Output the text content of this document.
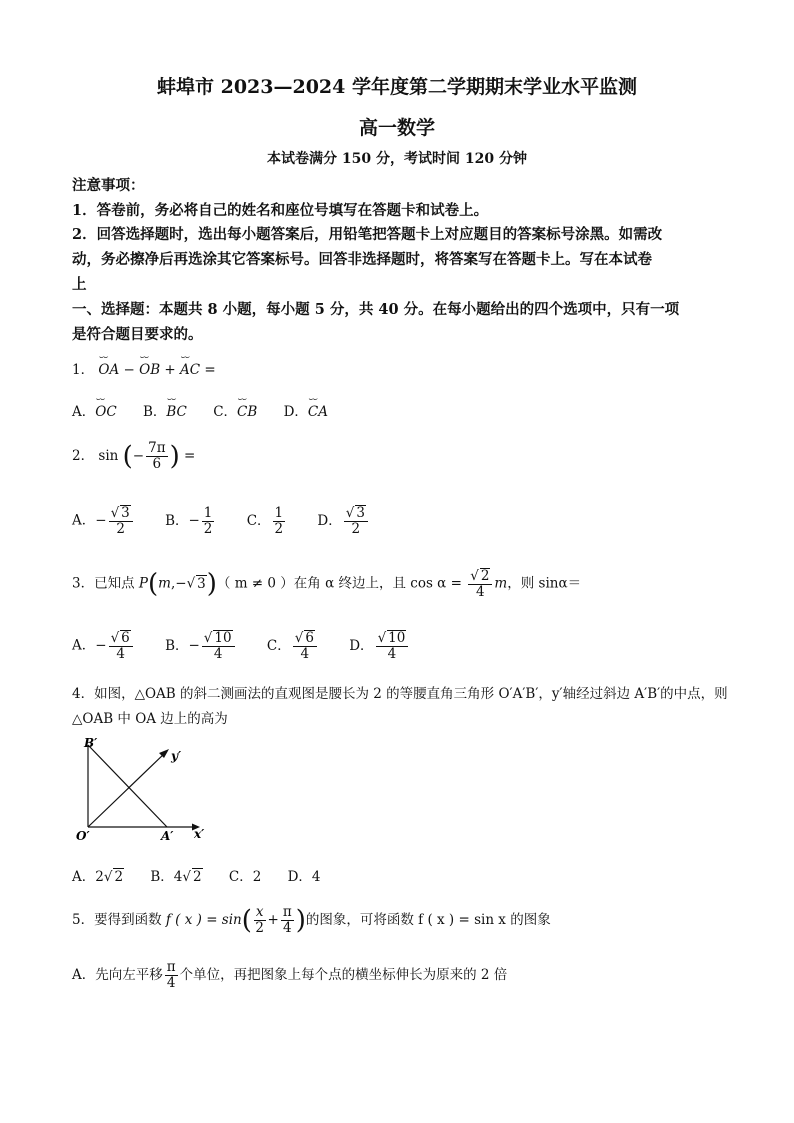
蚌埠市 2023—2024 学年度第二学期期末学业水平监测
高一数学
本试卷满分 150 分，考试时间 120 分钟
注意事项：
1．答卷前，务必将自己的姓名和座位号填写在答题卡和试卷上。
2．回答选择题时，选出每小题答案后，用铅笔把答题卡上对应题目的答案标号涂黑。如需改
动，务必擦净后再选涂其它答案标号。回答非选择题时，将答案写在答题卡上。写在本试卷
上
一、选择题：本题共 8 小题，每小题 5 分，共 40 分。在每小题给出的四个选项中，只有一项
是符合题目要求的。
1． ⌣⌣ OA − ⌣⌣ OB + ⌣⌣ AC =
A．⌣⌣ OC B．⌣⌣ BC C．⌣⌣ CB D．⌣⌣ CA
2． sin (− $\frac{7\pi}{6}$ ) =
A．− $\frac{√ 3}{2}$ B．− $\frac{1}{2}$ C． $\frac{1}{2}$ D． $\frac{√ 3}{2}$
3．已知点 P(m,−√ 3)（ m ≠ 0 ）在角 α 终边上，且 $\cos \alpha = \frac{√ 2}{4}$ m，则 sinα＝
A．− $\frac{√ 6}{4}$ B．− $\frac{√ 10}{4}$ C． $\frac{√ 6}{4}$ D． $\frac{√ 10}{4}$
4．如图，△OAB 的斜二测画法的直观图是腰长为 2 的等腰直角三角形 O′A′B′，y′轴经过斜边 A′B′的中点，则
△OAB 中 OA 边上的高为
B′
y′
O′	A′ x′
A．2√ 2 B．4√ 2 C．2 D．4
5．要得到函数 f ( x ) = $\sin( \frac{x}{2} + \frac{\pi}{4}$ )的图象，可将函数 f ( x ) = sin x 的图象
A．先向左平移 $\frac{\pi}{4}$ 个单位，再把图象上每个点的横坐标伸长为原来的 2 倍
